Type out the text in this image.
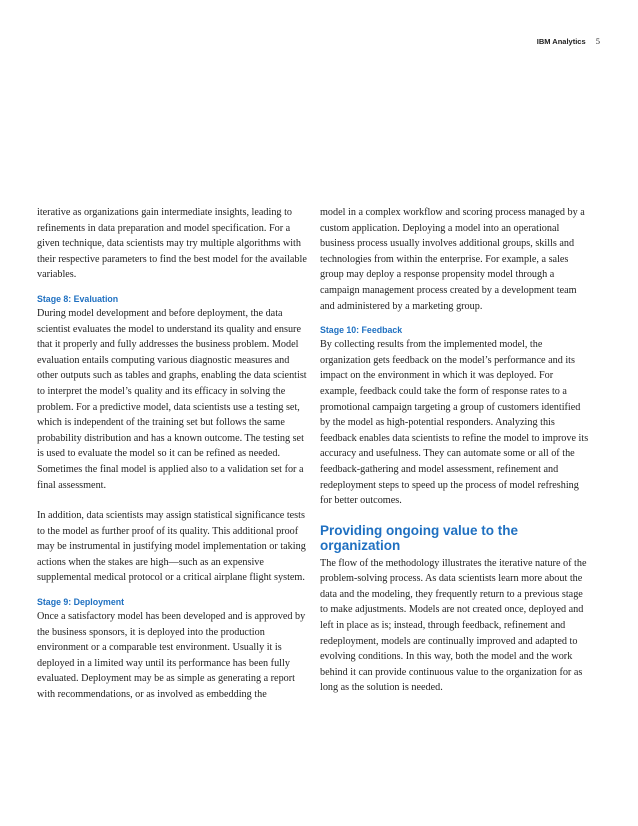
IBM Analytics 5

iterative as organizations gain intermediate insights, leading to refinements in data preparation and model specification. For a given technique, data scientists may try multiple algorithms with their respective parameters to find the best model for the available variables.

Stage 8: Evaluation

During model development and before deployment, the data scientist evaluates the model to understand its quality and ensure that it properly and fully addresses the business problem. Model evaluation entails computing various diagnostic measures and other outputs such as tables and graphs, enabling the data scientist to interpret the model’s quality and its efficacy in solving the problem. For a predictive model, data scientists use a testing set, which is independent of the training set but follows the same probability distribution and has a known outcome. The testing set is used to evaluate the model so it can be refined as needed. Sometimes the final model is applied also to a validation set for a final assessment.

In addition, data scientists may assign statistical significance tests to the model as further proof of its quality. This additional proof may be instrumental in justifying model implementation or taking actions when the stakes are high—such as an expensive supplemental medical protocol or a critical airplane flight system.

Stage 9: Deployment

Once a satisfactory model has been developed and is approved by the business sponsors, it is deployed into the production environment or a comparable test environment. Usually it is deployed in a limited way until its performance has been fully evaluated. Deployment may be as simple as generating a report with recommendations, or as involved as embedding the

model in a complex workflow and scoring process managed by a custom application. Deploying a model into an operational business process usually involves additional groups, skills and technologies from within the enterprise. For example, a sales group may deploy a response propensity model through a campaign management process created by a development team and administered by a marketing group.

Stage 10: Feedback

By collecting results from the implemented model, the organization gets feedback on the model’s performance and its impact on the environment in which it was deployed. For example, feedback could take the form of response rates to a promotional campaign targeting a group of customers identified by the model as high-potential responders. Analyzing this feedback enables data scientists to refine the model to improve its accuracy and usefulness. They can automate some or all of the feedback-gathering and model assessment, refinement and redeployment steps to speed up the process of model refreshing for better outcomes.

Providing ongoing value to the organization

The flow of the methodology illustrates the iterative nature of the problem-solving process. As data scientists learn more about the data and the modeling, they frequently return to a previous stage to make adjustments. Models are not created once, deployed and left in place as is; instead, through feedback, refinement and redeployment, models are continually improved and adapted to evolving conditions. In this way, both the model and the work behind it can provide continuous value to the organization for as long as the solution is needed.
